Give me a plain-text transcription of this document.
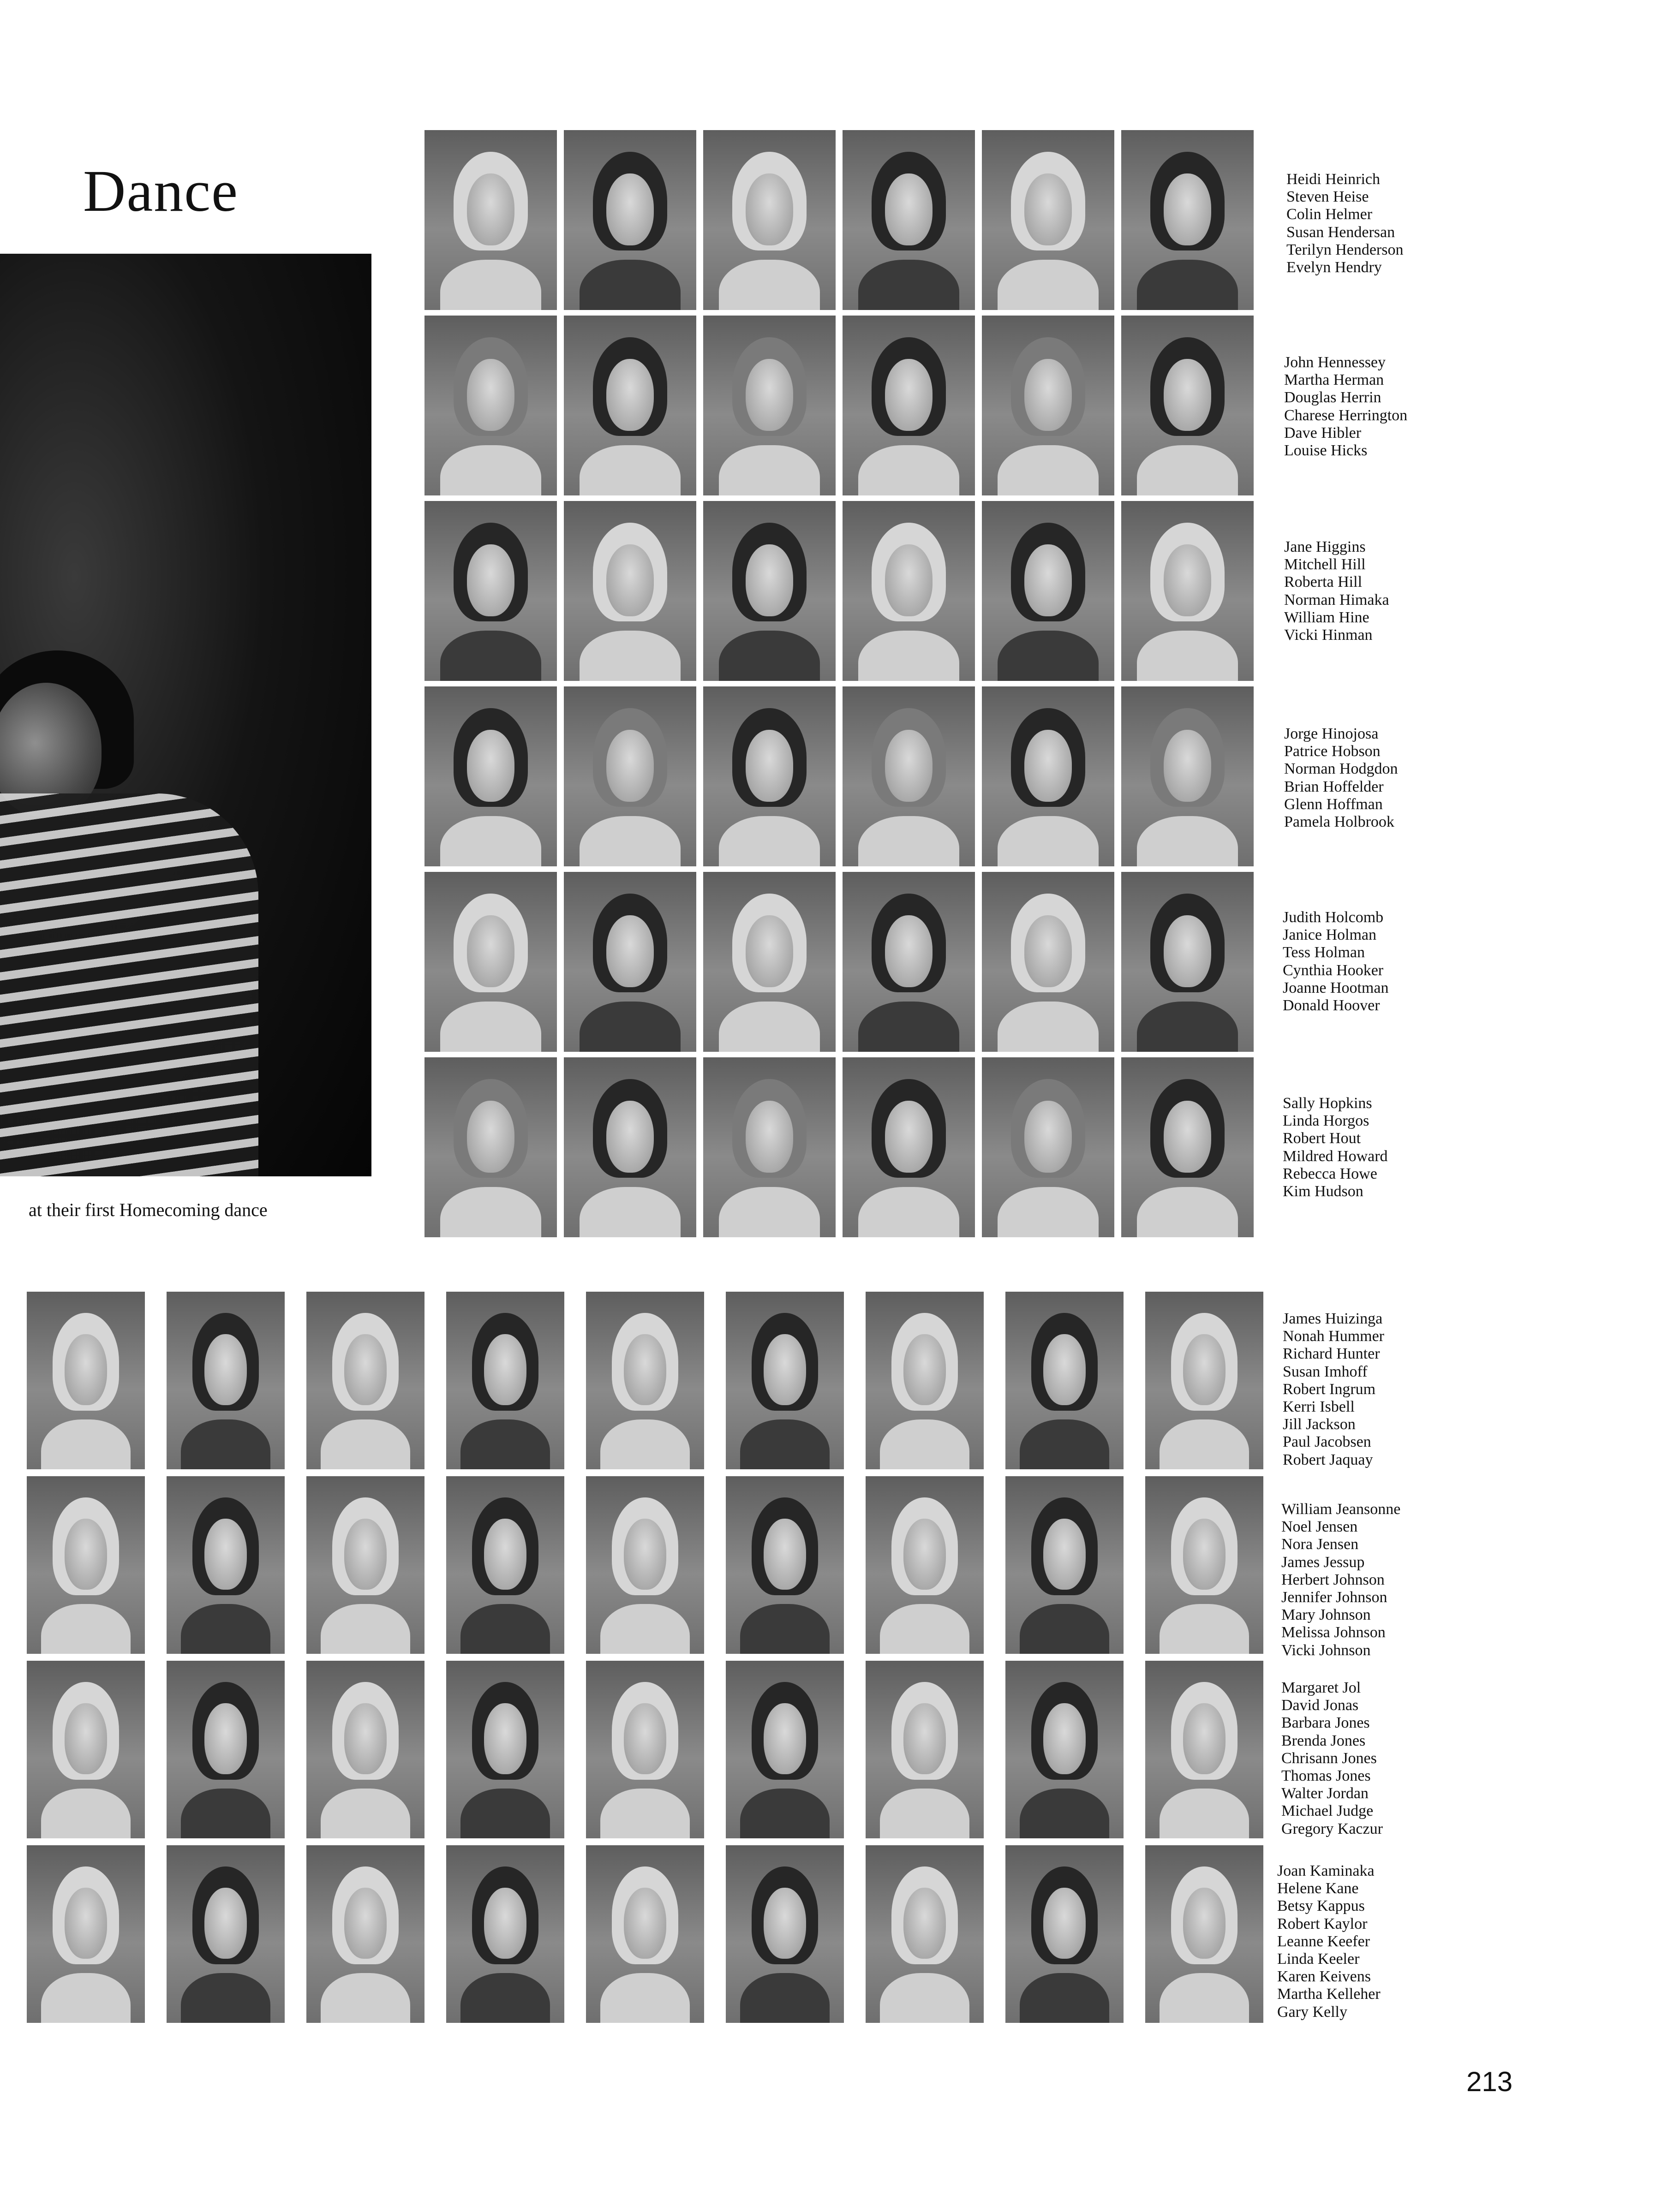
Dance
at their first Homecoming dance
Heidi Heinrich
Steven Heise
Colin Helmer
Susan Hendersan
Terilyn Henderson
Evelyn Hendry
John Hennessey
Martha Herman
Douglas Herrin
Charese Herrington
Dave Hibler
Louise Hicks
Jane Higgins
Mitchell Hill
Roberta Hill
Norman Himaka
William Hine
Vicki Hinman
Jorge Hinojosa
Patrice Hobson
Norman Hodgdon
Brian Hoffelder
Glenn Hoffman
Pamela Holbrook
Judith Holcomb
Janice Holman
Tess Holman
Cynthia Hooker
Joanne Hootman
Donald Hoover
Sally Hopkins
Linda Horgos
Robert Hout
Mildred Howard
Rebecca Howe
Kim Hudson
James Huizinga
Nonah Hummer
Richard Hunter
Susan Imhoff
Robert Ingrum
Kerri Isbell
Jill Jackson
Paul Jacobsen
Robert Jaquay
William Jeansonne
Noel Jensen
Nora Jensen
James Jessup
Herbert Johnson
Jennifer Johnson
Mary Johnson
Melissa Johnson
Vicki Johnson
Margaret Jol
David Jonas
Barbara Jones
Brenda Jones
Chrisann Jones
Thomas Jones
Walter Jordan
Michael Judge
Gregory Kaczur
Joan Kaminaka
Helene Kane
Betsy Kappus
Robert Kaylor
Leanne Keefer
Linda Keeler
Karen Keivens
Martha Kelleher
Gary Kelly
213
